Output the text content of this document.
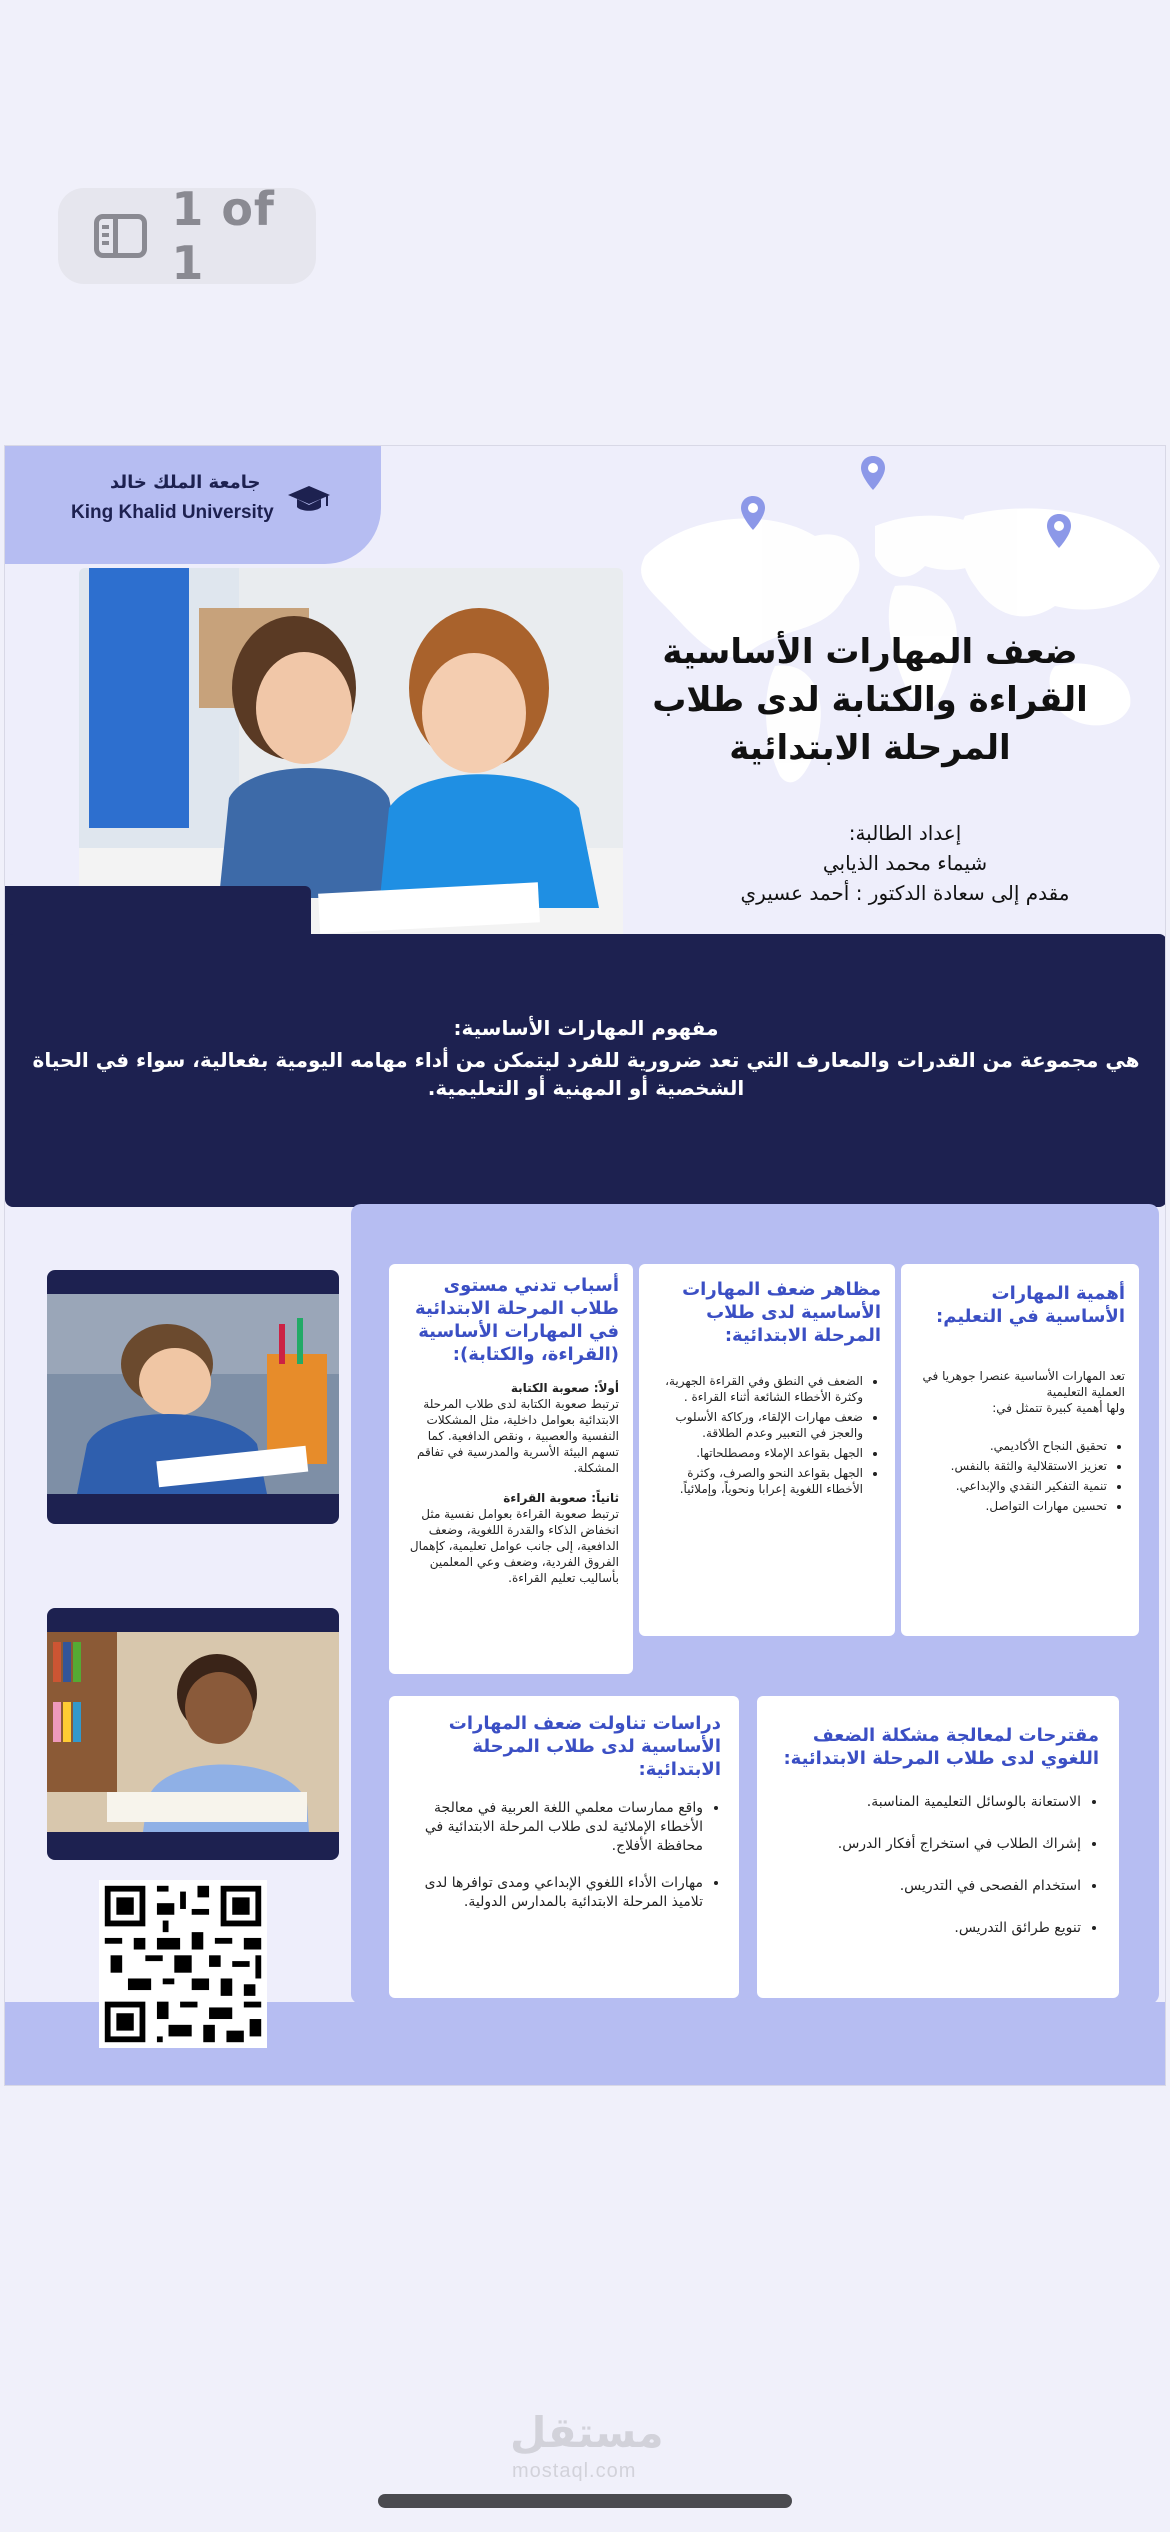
1 of 1
جامعة الملك خالد
King Khalid University
ضعف المهارات الأساسية
القراءة والكتابة لدى طلاب
المرحلة الابتدائية
إعداد الطالبة:
شيماء محمد الذيابي
مقدم إلى سعادة الدكتور : أحمد عسيري
مفهوم المهارات الأساسية:
هي مجموعة من القدرات والمعارف التي تعد ضرورية للفرد ليتمكن من أداء مهامه اليومية بفعالية، سواء في الحياة الشخصية أو المهنية أو التعليمية.
أهمية المهارات الأساسية في التعليم:

تعد المهارات الأساسية عنصرا جوهريا في العملية التعليمية

ولها أهمية كبيرة تتمثل في:

• تحقيق النجاح الأكاديمي.
• تعزيز الاستقلالية والثقة بالنفس.
• تنمية التفكير النقدي والإبداعي.
• تحسين مهارات التواصل.
مظاهر ضعف المهارات الأساسية لدى طلاب المرحلة الابتدائية:
• الضعف في النطق وفي القراءة الجهرية، وكثرة الأخطاء الشائعة أثناء القراءة .
• ضعف مهارات الإلقاء، وركاكة الأسلوب والعجز في التعبير وعدم الطلاقة.
• الجهل بقواعد الإملاء ومصطلحاتها.
• الجهل بقواعد النحو والصرف، وكثرة الأخطاء اللغوية إعرابا ونحوياً، وإملائياً.
أسباب تدني مستوى طلاب المرحلة الابتدائية في المهارات الأساسية (القراءة، والكتابة):

أولاً: صعوبة الكتابة

ترتبط صعوبة الكتابة لدى طلاب المرحلة الابتدائية بعوامل داخلية، مثل المشكلات النفسية والعصبية ، ونقص الدافعية. كما تسهم البيئة الأسرية والمدرسية في تفاقم المشكلة.

ثانياً: صعوبة القراءة

ترتبط صعوبة القراءة بعوامل نفسية مثل انخفاض الذكاء والقدرة اللغوية، وضعف الدافعية، إلى جانب عوامل تعليمية، كإهمال الفروق الفردية، وضعف وعي المعلمين بأساليب تعليم القراءة.

مقترحات لمعالجة مشكلة الضعف اللغوي لدى طلاب المرحلة الابتدائية:
• الاستعانة بالوسائل التعليمية المناسبة.
• إشراك الطلاب في استخراج أفكار الدرس.
• استخدام الفصحى في التدريس.
• تنويع طرائق التدريس.
دراسات تناولت ضعف المهارات الأساسية لدى طلاب المرحلة الابتدائية:
• واقع ممارسات معلمي اللغة العربية في معالجة الأخطاء الإملائية لدى طلاب المرحلة الابتدائية في محافظة الأفلاج.
• مهارات الأداء اللغوي الإبداعي ومدى توافرها لدى تلاميذ المرحلة الابتدائية بالمدارس الدولية.
مستقل
mostaql.com
